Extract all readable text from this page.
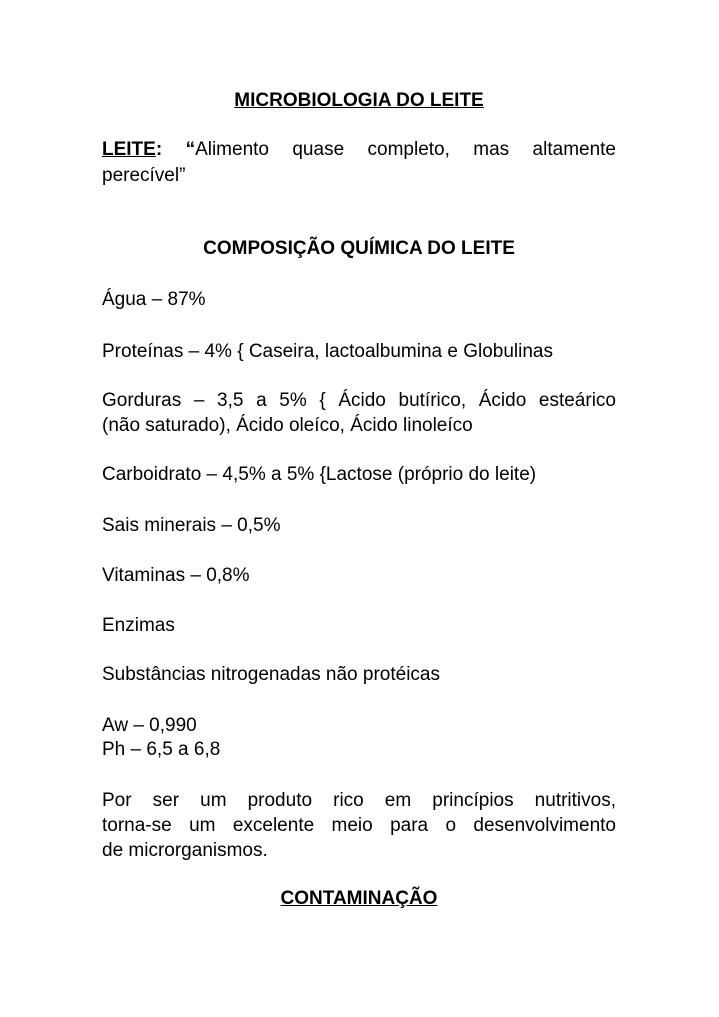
MICROBIOLOGIA DO LEITE
LEITE: “Alimento quase completo, mas altamente
perecível”
COMPOSIÇÃO QUÍMICA DO LEITE
Água – 87%
Proteínas – 4% { Caseira, lactoalbumina e Globulinas
Gorduras – 3,5 a 5% { Ácido butírico, Ácido esteárico
(não saturado), Ácido oleíco, Ácido linoleíco
Carboidrato – 4,5% a 5% {Lactose (próprio do leite)
Sais minerais – 0,5%
Vitaminas – 0,8%
Enzimas
Substâncias nitrogenadas não protéicas
Aw – 0,990
Ph – 6,5 a 6,8
Por ser um produto rico em princípios nutritivos,
torna-se um excelente meio para o desenvolvimento
de microrganismos.
CONTAMINAÇÃO
